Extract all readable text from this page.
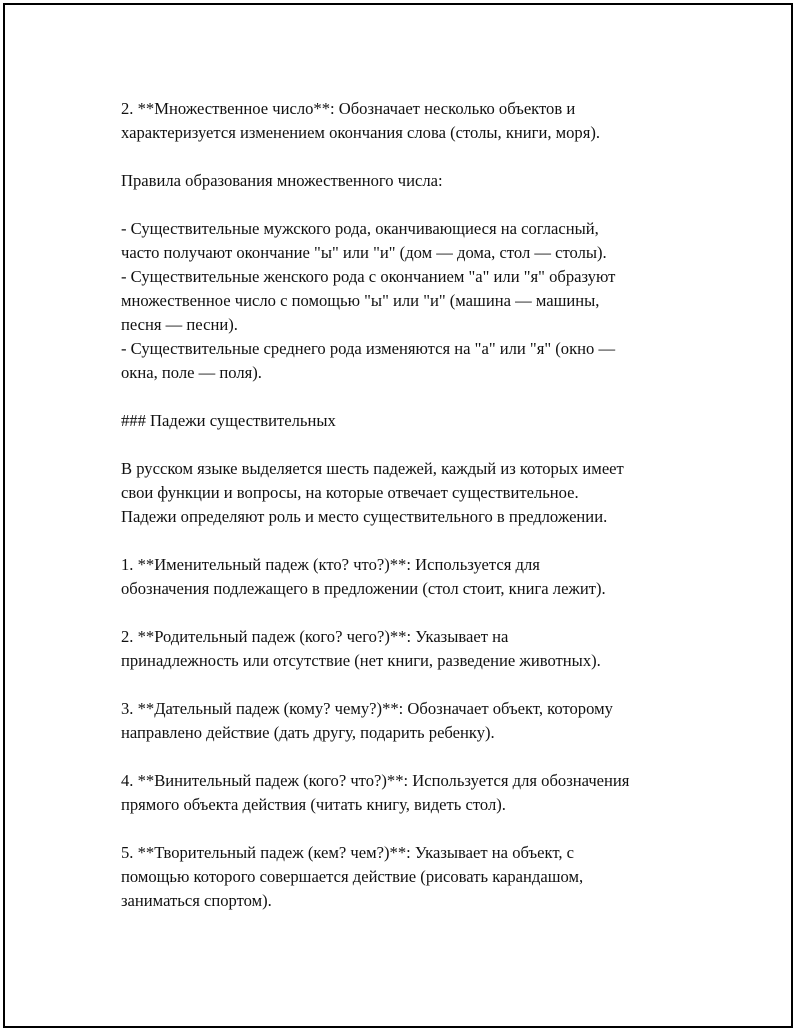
2. **Множественное число**: Обозначает несколько объектов и
характеризуется изменением окончания слова (столы, книги, моря).

Правила образования множественного числа:

- Существительные мужского рода, оканчивающиеся на согласный,
часто получают окончание "ы" или "и" (дом — дома, стол — столы).
- Существительные женского рода с окончанием "а" или "я" образуют
множественное число с помощью "ы" или "и" (машина — машины,
песня — песни).
- Существительные среднего рода изменяются на "а" или "я" (окно —
окна, поле — поля).

### Падежи существительных

В русском языке выделяется шесть падежей, каждый из которых имеет
свои функции и вопросы, на которые отвечает существительное.
Падежи определяют роль и место существительного в предложении.

1. **Именительный падеж (кто? что?)**: Используется для
обозначения подлежащего в предложении (стол стоит, книга лежит).

2. **Родительный падеж (кого? чего?)**: Указывает на
принадлежность или отсутствие (нет книги, разведение животных).

3. **Дательный падеж (кому? чему?)**: Обозначает объект, которому
направлено действие (дать другу, подарить ребенку).

4. **Винительный падеж (кого? что?)**: Используется для обозначения
прямого объекта действия (читать книгу, видеть стол).

5. **Творительный падеж (кем? чем?)**: Указывает на объект, с
помощью которого совершается действие (рисовать карандашом,
заниматься спортом).
